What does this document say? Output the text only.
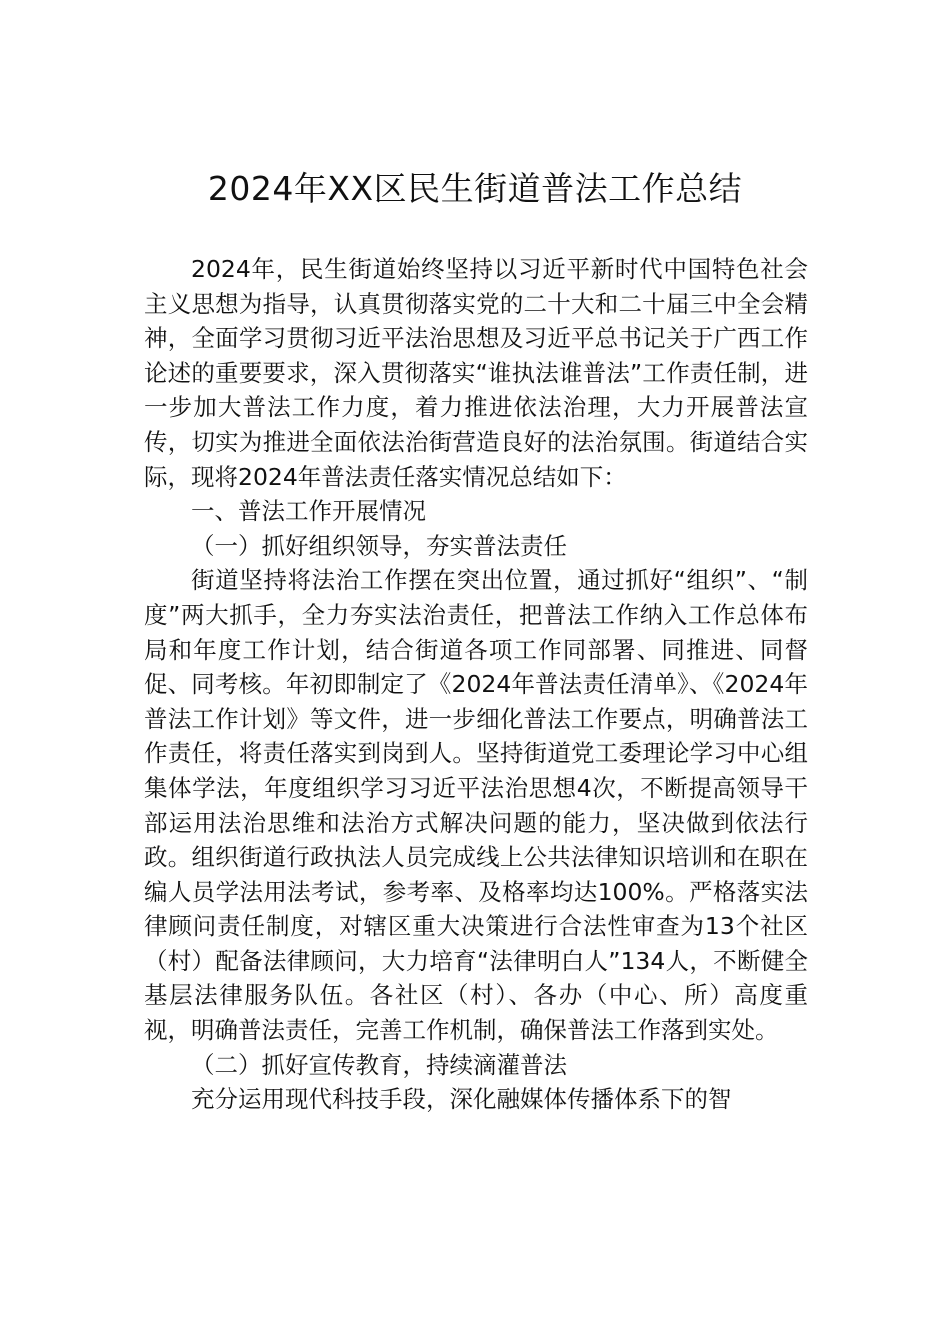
2024年XX区民生街道普法工作总结

2024年，民生街道始终坚持以习近平新时代中国特色社会主义思想为指导，认真贯彻落实党的二十大和二十届三中全会精神，全面学习贯彻习近平法治思想及习近平总书记关于广西工作论述的重要要求，深入贯彻落实“谁执法谁普法”工作责任制，进一步加大普法工作力度，着力推进依法治理，大力开展普法宣传，切实为推进全面依法治街营造良好的法治氛围。街道结合实际，现将2024年普法责任落实情况总结如下：

一、普法工作开展情况

（一）抓好组织领导，夯实普法责任

街道坚持将法治工作摆在突出位置，通过抓好“组织”、“制度”两大抓手，全力夯实法治责任，把普法工作纳入工作总体布局和年度工作计划，结合街道各项工作同部署、同推进、同督促、同考核。年初即制定了《2024年普法责任清单》、《2024年普法工作计划》等文件，进一步细化普法工作要点，明确普法工作责任，将责任落实到岗到人。坚持街道党工委理论学习中心组集体学法，年度组织学习习近平法治思想4次，不断提高领导干部运用法治思维和法治方式解决问题的能力，坚决做到依法行政。组织街道行政执法人员完成线上公共法律知识培训和在职在编人员学法用法考试，参考率、及格率均达100%。严格落实法律顾问责任制度，对辖区重大决策进行合法性审查为13个社区（村）配备法律顾问，大力培育“法律明白人”134人，不断健全基层法律服务队伍。各社区（村）、各办（中心、所）高度重视，明确普法责任，完善工作机制，确保普法工作落到实处。

（二）抓好宣传教育，持续滴灌普法

充分运用现代科技手段，深化融媒体传播体系下的智
